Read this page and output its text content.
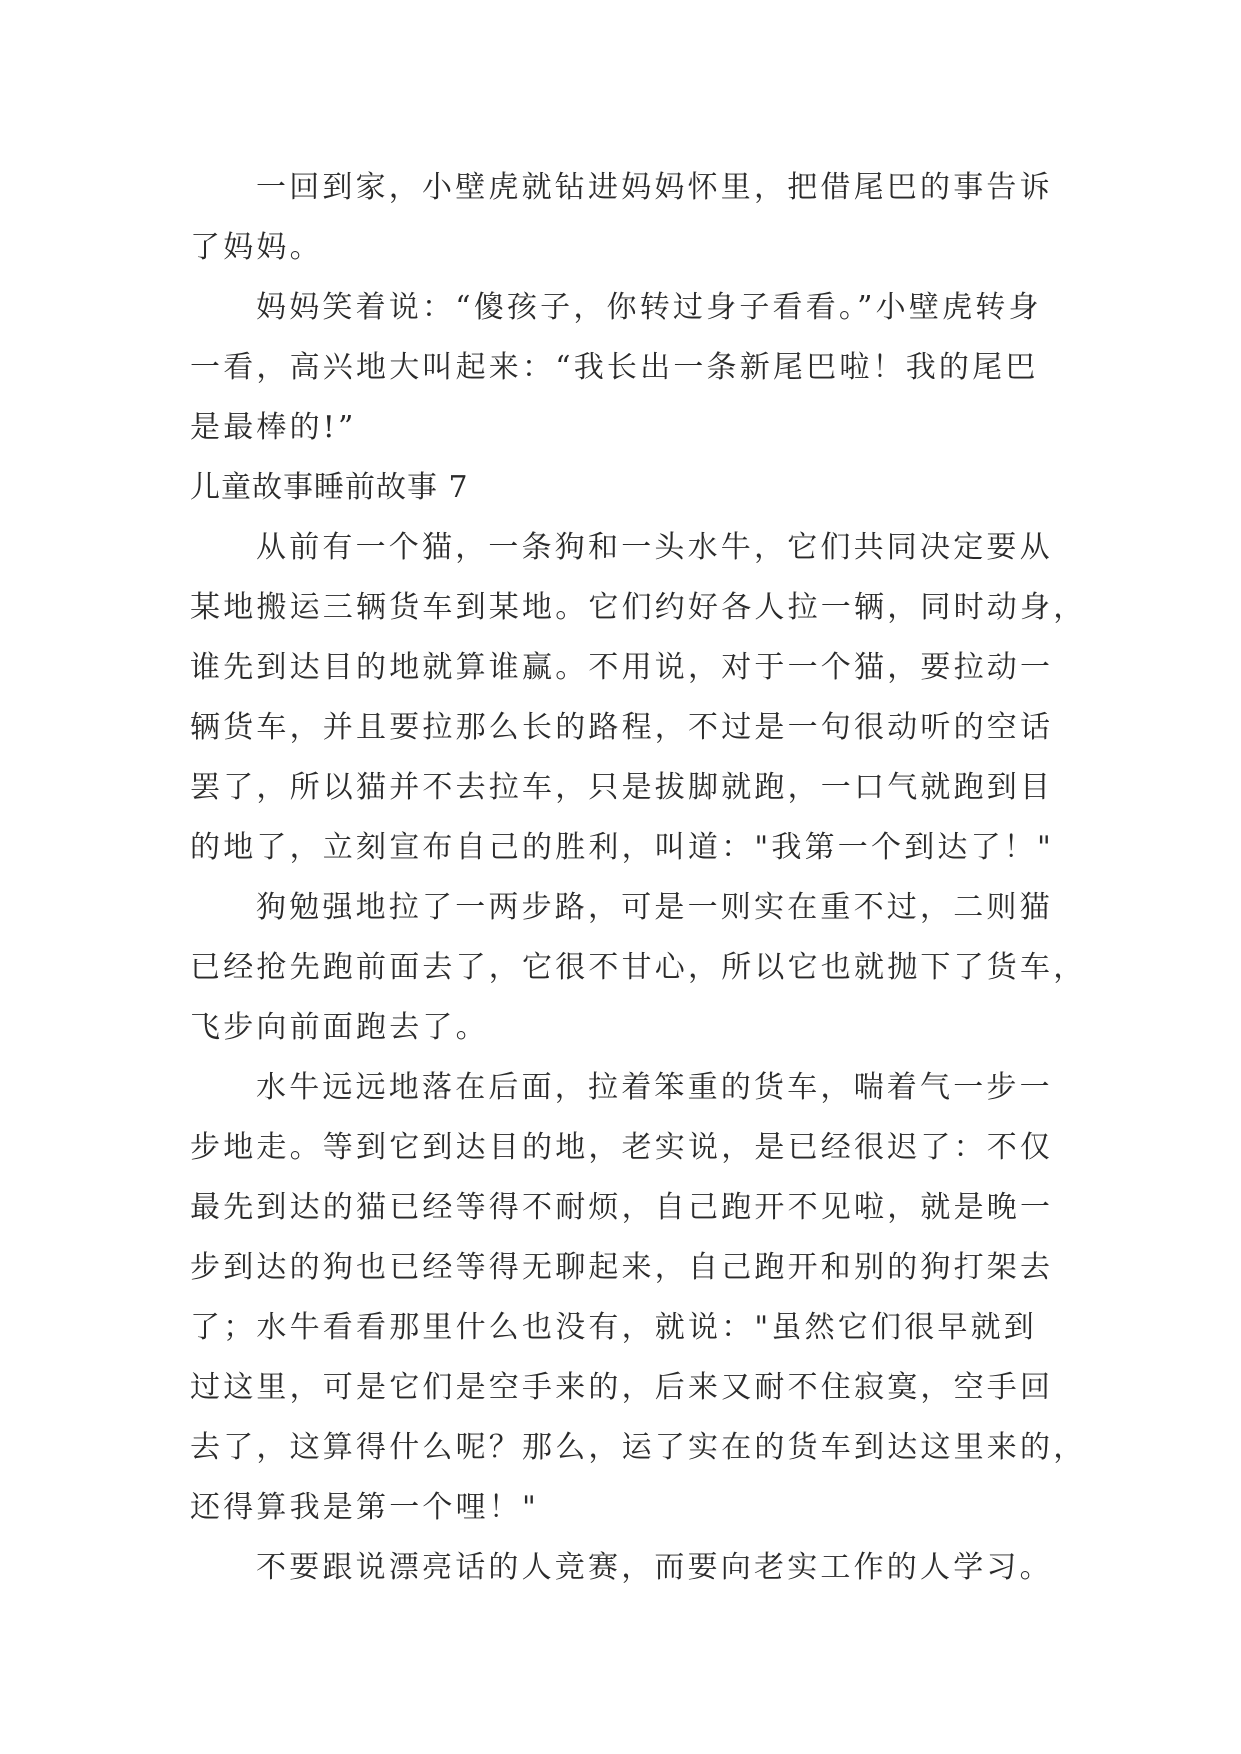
一回到家，小壁虎就钻进妈妈怀里，把借尾巴的事告诉
了妈妈。
妈妈笑着说：“傻孩子，你转过身子看看。”小壁虎转身
一看，高兴地大叫起来：“我长出一条新尾巴啦！我的尾巴
是最棒的!”
儿童故事睡前故事 7
从前有一个猫，一条狗和一头水牛，它们共同决定要从
某地搬运三辆货车到某地。它们约好各人拉一辆，同时动身，
谁先到达目的地就算谁赢。不用说，对于一个猫，要拉动一
辆货车，并且要拉那么长的路程，不过是一句很动听的空话
罢了，所以猫并不去拉车，只是拔脚就跑，一口气就跑到目
的地了，立刻宣布自己的胜利，叫道："我第一个到达了！"
狗勉强地拉了一两步路，可是一则实在重不过，二则猫
已经抢先跑前面去了，它很不甘心，所以它也就抛下了货车，
飞步向前面跑去了。
水牛远远地落在后面，拉着笨重的货车，喘着气一步一
步地走。等到它到达目的地，老实说，是已经很迟了：不仅
最先到达的猫已经等得不耐烦，自己跑开不见啦，就是晚一
步到达的狗也已经等得无聊起来，自己跑开和别的狗打架去
了；水牛看看那里什么也没有，就说："虽然它们很早就到
过这里，可是它们是空手来的，后来又耐不住寂寞，空手回
去了，这算得什么呢？那么，运了实在的货车到达这里来的，
还得算我是第一个哩！"
不要跟说漂亮话的人竞赛，而要向老实工作的人学习。
